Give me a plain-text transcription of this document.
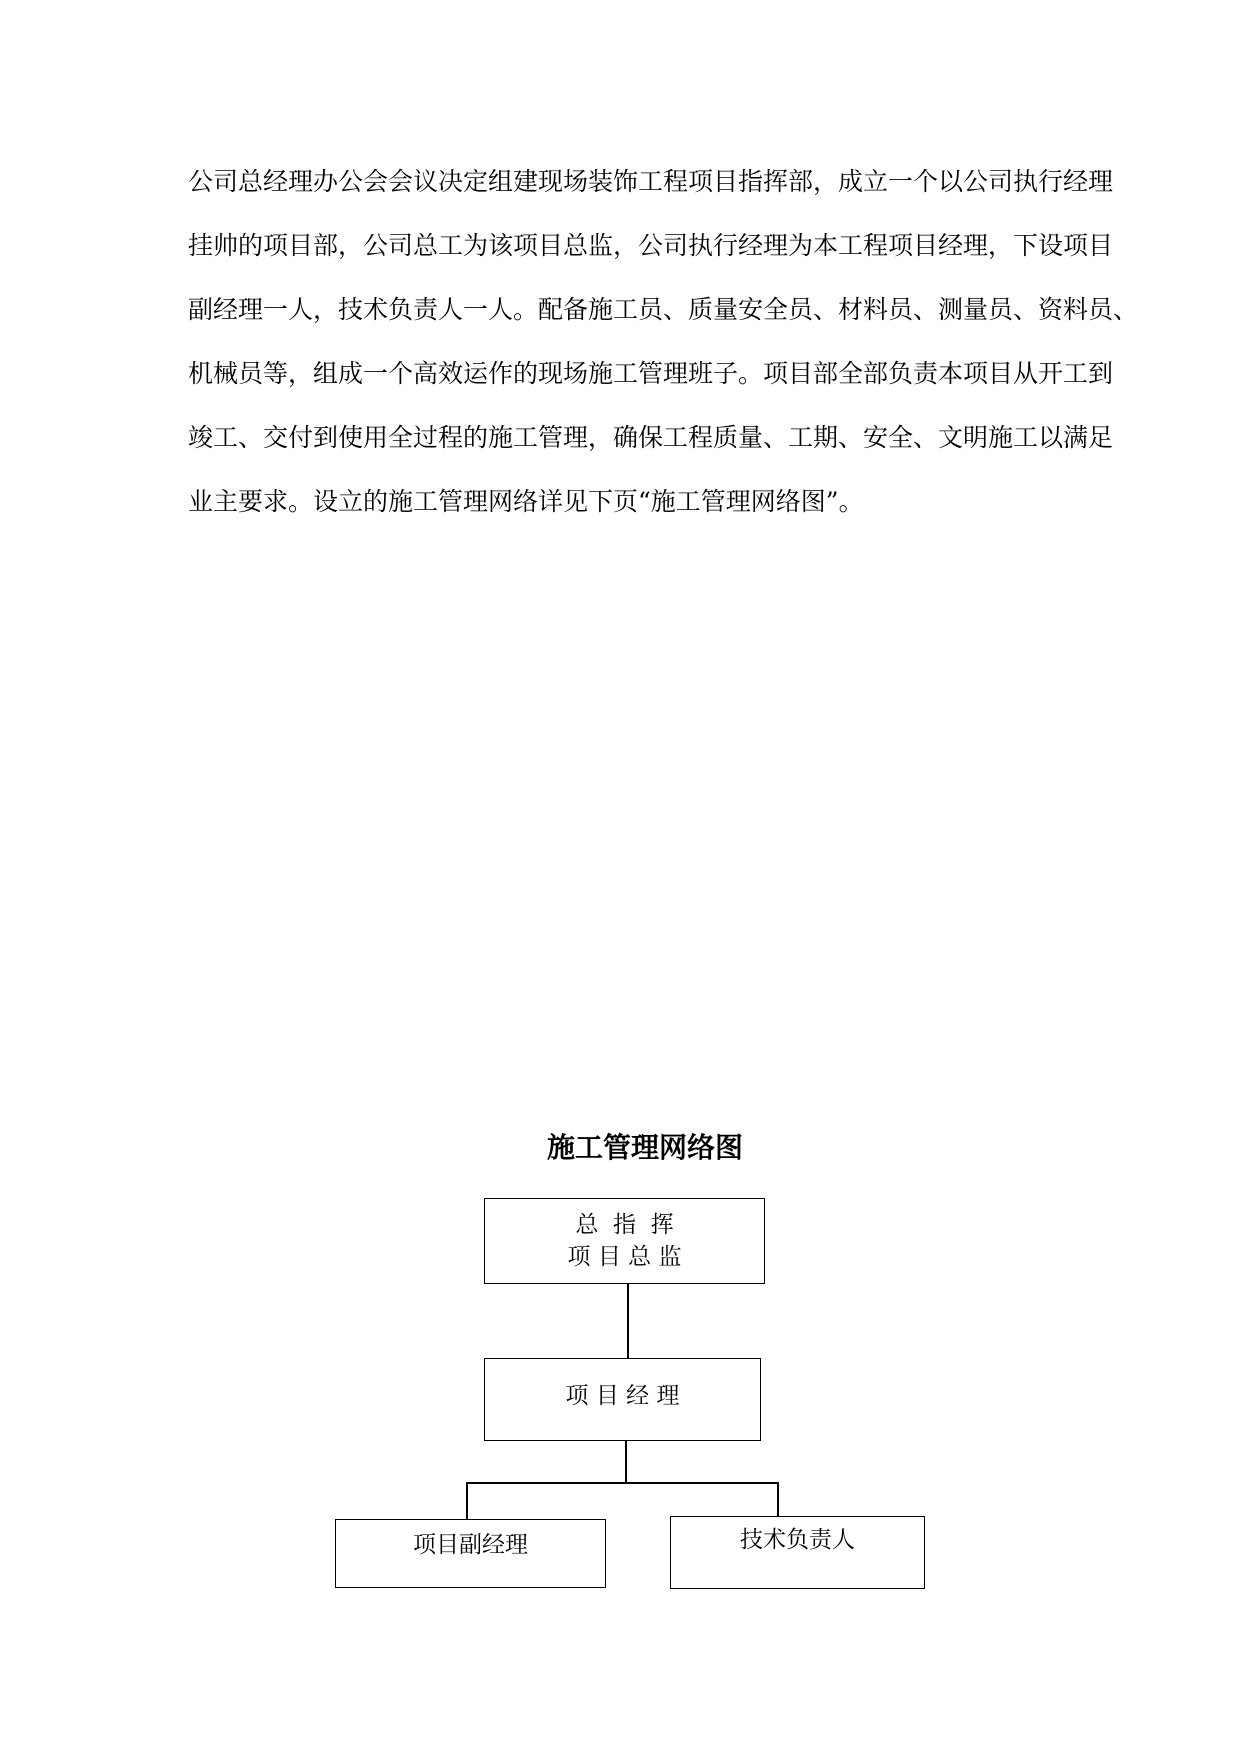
公司总经理办公会会议决定组建现场装饰工程项目指挥部，成立一个以公司执行经理
挂帅的项目部，公司总工为该项目总监，公司执行经理为本工程项目经理，下设项目
副经理一人，技术负责人一人。配备施工员、质量安全员、材料员、测量员、资料员、
机械员等，组成一个高效运作的现场施工管理班子。项目部全部负责本项目从开工到
竣工、交付到使用全过程的施工管理，确保工程质量、工期、安全、文明施工以满足
业主要求。设立的施工管理网络详见下页“施工管理网络图”。
施工管理网络图
总  指  挥
项 目 总 监
项 目 经 理
项目副经理	技术负责人
